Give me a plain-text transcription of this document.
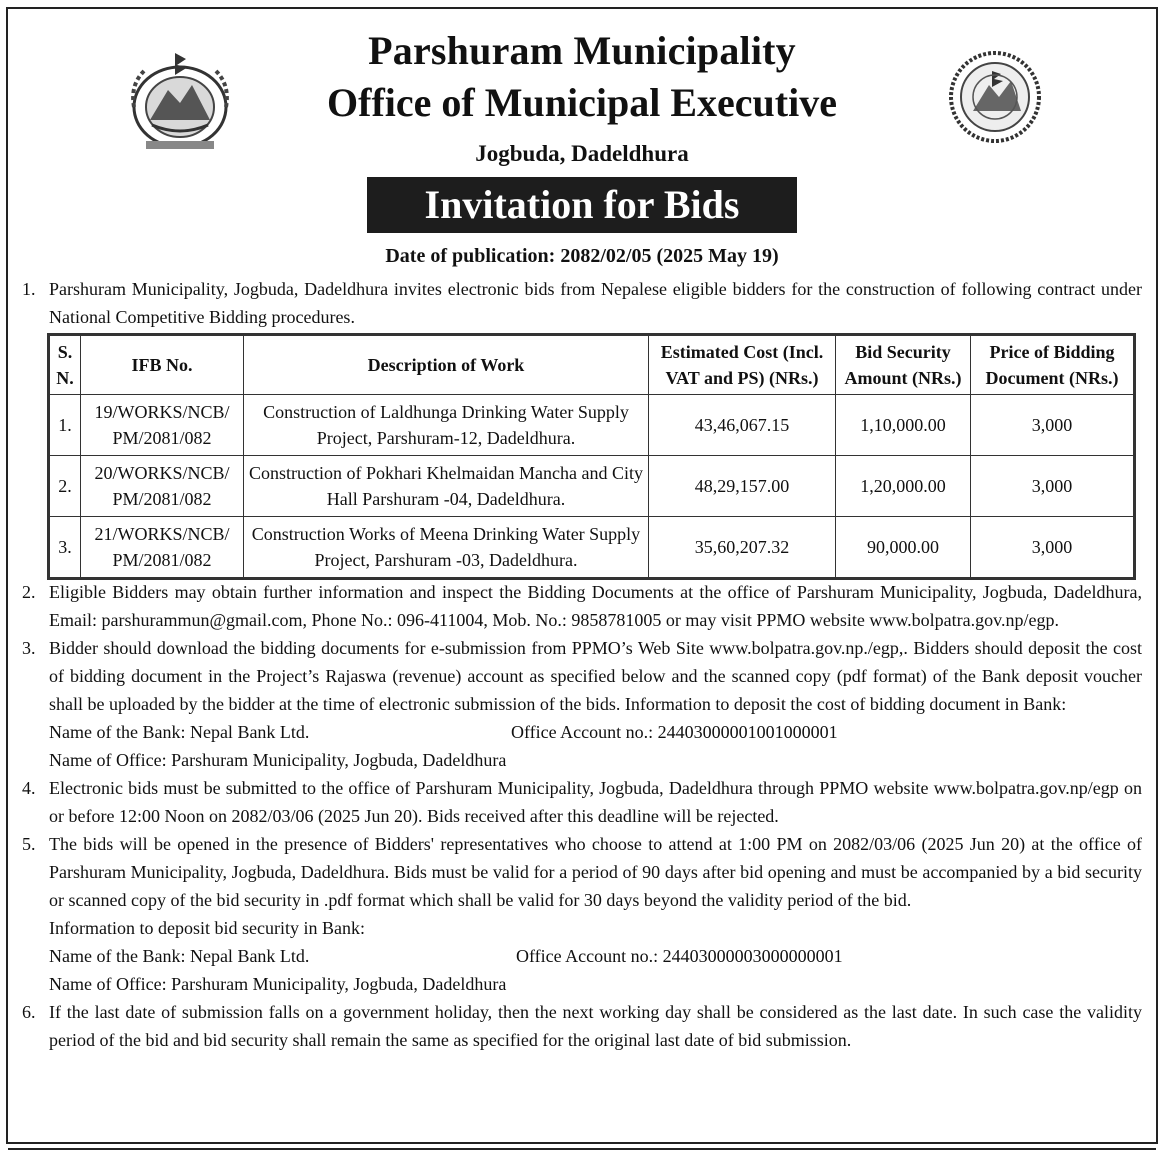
Parshuram Municipality
Office of Municipal Executive
Jogbuda, Dadeldhura
Invitation for Bids
Date of publication: 2082/02/05 (2025 May 19)
1. Parshuram Municipality, Jogbuda, Dadeldhura invites electronic bids from Nepalese eligible bidders for the construction of following contract under National Competitive Bidding procedures.
S. N.	IFB No.	Description of Work	Estimated Cost (Incl. VAT and PS) (NRs.)	Bid Security Amount (NRs.)	Price of Bidding Document (NRs.)
1.	19/WORKS/NCB/ PM/2081/082	Construction of Laldhunga Drinking Water Supply Project, Parshuram-12, Dadeldhura.	43,46,067.15	1,10,000.00	3,000
2.	20/WORKS/NCB/ PM/2081/082	Construction of Pokhari Khelmaidan Mancha and City Hall Parshuram -04, Dadeldhura.	48,29,157.00	1,20,000.00	3,000
3.	21/WORKS/NCB/ PM/2081/082	Construction Works of Meena Drinking Water Supply Project, Parshuram -03, Dadeldhura.	35,60,207.32	90,000.00	3,000
2. Eligible Bidders may obtain further information and inspect the Bidding Documents at the office of Parshuram Municipality, Jogbuda, Dadeldhura, Email: parshurammun@gmail.com, Phone No.: 096-411004, Mob. No.: 9858781005 or may visit PPMO website www.bolpatra.gov.np/egp.
3. Bidder should download the bidding documents for e-submission from PPMO’s Web Site www.bolpatra.gov.np./egp,. Bidders should deposit the cost of bidding document in the Project’s Rajaswa (revenue) account as specified below and the scanned copy (pdf format) of the Bank deposit voucher shall be uploaded by the bidder at the time of electronic submission of the bids. Information to deposit the cost of bidding document in Bank:
Name of the Bank: Nepal Bank Ltd.	Office Account no.: 24403000001001000001
Name of Office: Parshuram Municipality, Jogbuda, Dadeldhura
4. Electronic bids must be submitted to the office of Parshuram Municipality, Jogbuda, Dadeldhura through PPMO website www.bolpatra.gov.np/egp on or before 12:00 Noon on 2082/03/06 (2025 Jun 20). Bids received after this deadline will be rejected.
5. The bids will be opened in the presence of Bidders' representatives who choose to attend at 1:00 PM on 2082/03/06 (2025 Jun 20) at the office of Parshuram Municipality, Jogbuda, Dadeldhura. Bids must be valid for a period of 90 days after bid opening and must be accompanied by a bid security or scanned copy of the bid security in .pdf format which shall be valid for 30 days beyond the validity period of the bid.
Information to deposit bid security in Bank:
Name of the Bank: Nepal Bank Ltd.	Office Account no.: 24403000003000000001
Name of Office: Parshuram Municipality, Jogbuda, Dadeldhura
6. If the last date of submission falls on a government holiday, then the next working day shall be considered as the last date. In such case the validity period of the bid and bid security shall remain the same as specified for the original last date of bid submission.
